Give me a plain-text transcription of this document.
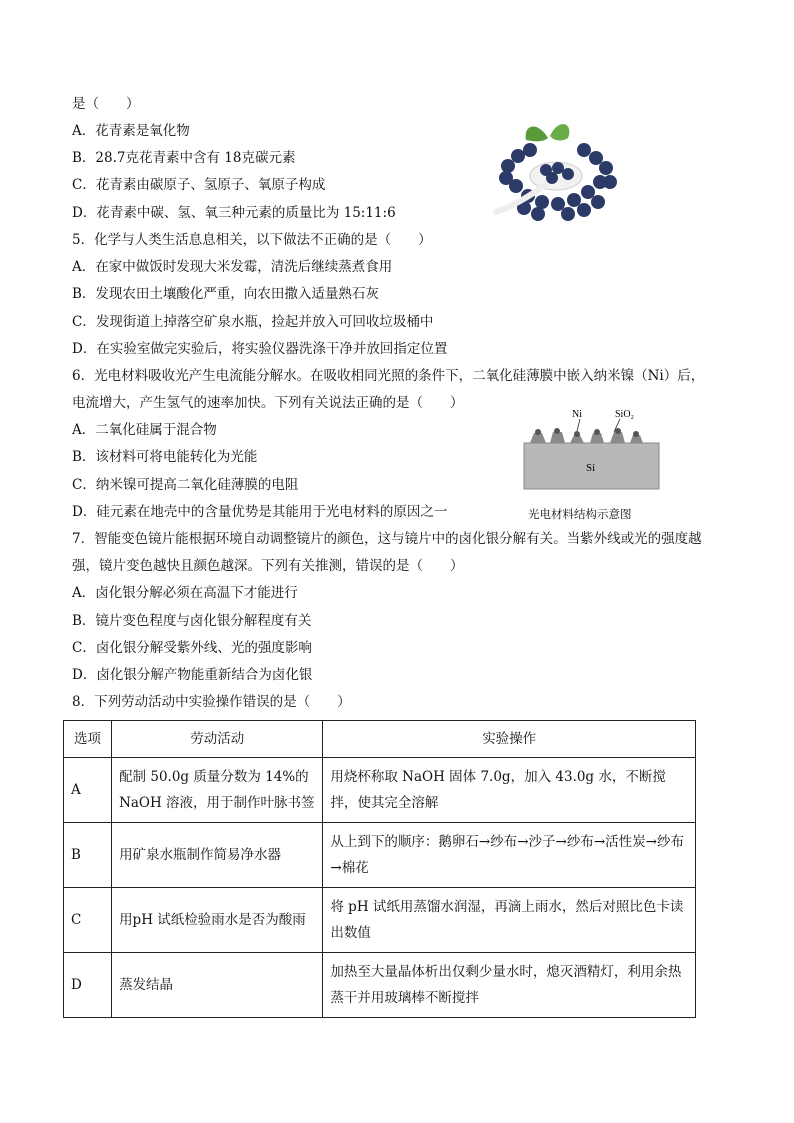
是（　　）
A．花青素是氧化物
B．28.7克花青素中含有 18克碳元素
C．花青素由碳原子、氢原子、氧原子构成
D．花青素中碳、氢、氧三种元素的质量比为 15:11:6
5．化学与人类生活息息相关，以下做法不正确的是（　　）
A．在家中做饭时发现大米发霉，清洗后继续蒸煮食用
B．发现农田土壤酸化严重，向农田撒入适量熟石灰
C．发现街道上掉落空矿泉水瓶，捡起并放入可回收垃圾桶中
D．在实验室做完实验后，将实验仪器洗涤干净并放回指定位置
6．光电材料吸收光产生电流能分解水。在吸收相同光照的条件下，二氧化硅薄膜中嵌入纳米镍（Ni）后，
电流增大，产生氢气的速率加快。下列有关说法正确的是（　　）
A．二氧化硅属于混合物
B．该材料可将电能转化为光能
C．纳米镍可提高二氧化硅薄膜的电阻
D．硅元素在地壳中的含量优势是其能用于光电材料的原因之一
7．智能变色镜片能根据环境自动调整镜片的颜色，这与镜片中的卤化银分解有关。当紫外线或光的强度越
强，镜片变色越快且颜色越深。下列有关推测，错误的是（　　）
A．卤化银分解必须在高温下才能进行
B．镜片变色程度与卤化银分解程度有关
C．卤化银分解受紫外线、光的强度影响
D．卤化银分解产物能重新结合为卤化银
8．下列劳动活动中实验操作错误的是（　　）
Ni	SiO₂
Si
光电材料结构示意图
选项	劳动活动	实验操作
A	配制 50.0g 质量分数为 14%的 NaOH 溶液，用于制作叶脉书签	用烧杯称取 NaOH 固体 7.0g，加入 43.0g 水，不断搅拌，使其完全溶解
B	用矿泉水瓶制作简易净水器	从上到下的顺序：鹅卵石→纱布→沙子→纱布→活性炭→纱布→棉花
C	用pH 试纸检验雨水是否为酸雨	将 pH 试纸用蒸馏水润湿，再滴上雨水，然后对照比色卡读出数值
D	蒸发结晶	加热至大量晶体析出仅剩少量水时，熄灭酒精灯，利用余热蒸干并用玻璃棒不断搅拌
